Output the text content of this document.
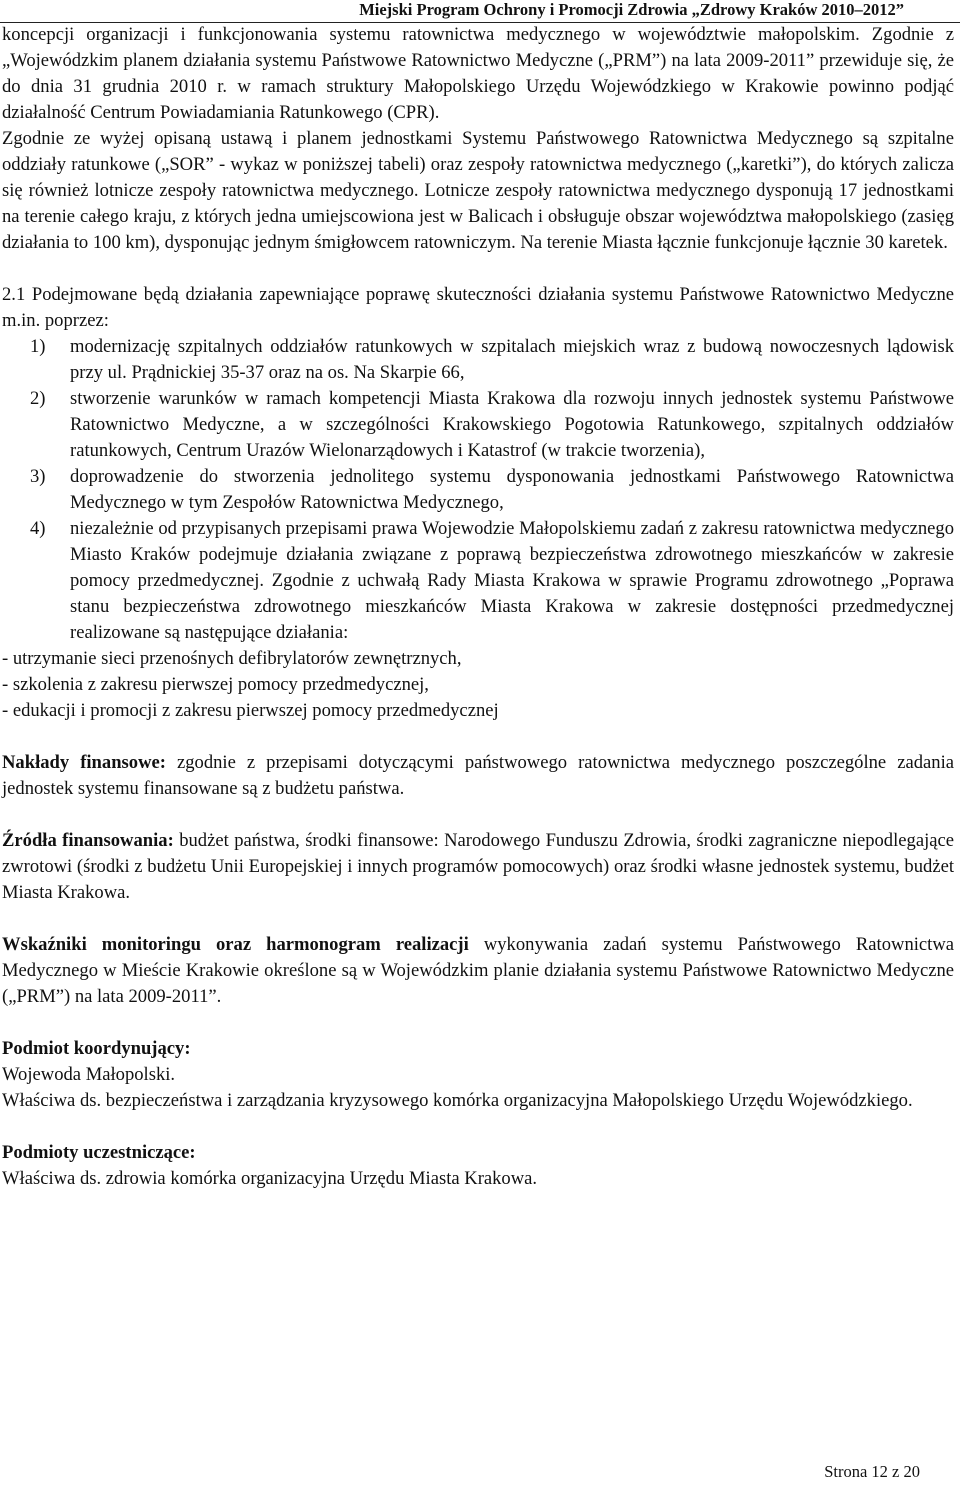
Miejski Program Ochrony i Promocji Zdrowia „Zdrowy Kraków 2010–2012”

koncepcji organizacji i funkcjonowania systemu ratownictwa medycznego w województwie małopolskim. Zgodnie z „Wojewódzkim planem działania systemu Państwowe Ratownictwo Medyczne („PRM”) na lata 2009-2011” przewiduje się, że do dnia 31 grudnia 2010 r. w ramach struktury Małopolskiego Urzędu Wojewódzkiego w Krakowie powinno podjąć działalność Centrum Powiadamiania Ratunkowego (CPR).

Zgodnie ze wyżej opisaną ustawą i planem jednostkami Systemu Państwowego Ratownictwa Medycznego są szpitalne oddziały ratunkowe („SOR” - wykaz w poniższej tabeli) oraz zespoły ratownictwa medycznego („karetki”), do których zalicza się również lotnicze zespoły ratownictwa medycznego. Lotnicze zespoły ratownictwa medycznego dysponują 17 jednostkami na terenie całego kraju, z których jedna umiejscowiona jest w Balicach i obsługuje obszar województwa małopolskiego (zasięg działania to 100 km), dysponując jednym śmigłowcem ratowniczym. Na terenie Miasta łącznie funkcjonuje łącznie 30 karetek.

2.1 Podejmowane będą działania zapewniające poprawę skuteczności działania systemu Państwowe Ratownictwo Medyczne m.in. poprzez:

1) modernizację szpitalnych oddziałów ratunkowych w szpitalach miejskich wraz z budową nowoczesnych lądowisk przy ul. Prądnickiej 35-37 oraz na os. Na Skarpie 66,
2) stworzenie warunków w ramach kompetencji Miasta Krakowa dla rozwoju innych jednostek systemu Państwowe Ratownictwo Medyczne, a w szczególności Krakowskiego Pogotowia Ratunkowego, szpitalnych oddziałów ratunkowych, Centrum Urazów Wielonarządowych i Katastrof (w trakcie tworzenia),
3) doprowadzenie do stworzenia jednolitego systemu dysponowania jednostkami Państwowego Ratownictwa Medycznego w tym Zespołów Ratownictwa Medycznego,
4) niezależnie od przypisanych przepisami prawa Wojewodzie Małopolskiemu zadań z zakresu ratownictwa medycznego Miasto Kraków podejmuje działania związane z poprawą bezpieczeństwa zdrowotnego mieszkańców w zakresie pomocy przedmedycznej. Zgodnie z uchwałą Rady Miasta Krakowa w sprawie Programu zdrowotnego „Poprawa stanu bezpieczeństwa zdrowotnego mieszkańców Miasta Krakowa w zakresie dostępności przedmedycznej realizowane są następujące działania:
- utrzymanie sieci przenośnych defibrylatorów zewnętrznych,
- szkolenia z zakresu pierwszej pomocy przedmedycznej,
- edukacji i promocji z zakresu pierwszej pomocy przedmedycznej

Nakłady finansowe: zgodnie z przepisami dotyczącymi państwowego ratownictwa medycznego poszczególne zadania jednostek systemu finansowane są z budżetu państwa.

Źródła finansowania: budżet państwa, środki finansowe: Narodowego Funduszu Zdrowia, środki zagraniczne niepodlegające zwrotowi (środki z budżetu Unii Europejskiej i innych programów pomocowych) oraz środki własne jednostek systemu, budżet Miasta Krakowa.

Wskaźniki monitoringu oraz harmonogram realizacji wykonywania zadań systemu Państwowego Ratownictwa Medycznego w Mieście Krakowie określone są w Wojewódzkim planie działania systemu Państwowe Ratownictwo Medyczne („PRM”) na lata 2009-2011”.

Podmiot koordynujący:

Wojewoda Małopolski.

Właściwa ds. bezpieczeństwa i zarządzania kryzysowego komórka organizacyjna Małopolskiego Urzędu Wojewódzkiego.

Podmioty uczestniczące:

Właściwa ds. zdrowia komórka organizacyjna Urzędu Miasta Krakowa.

Strona 12 z 20
